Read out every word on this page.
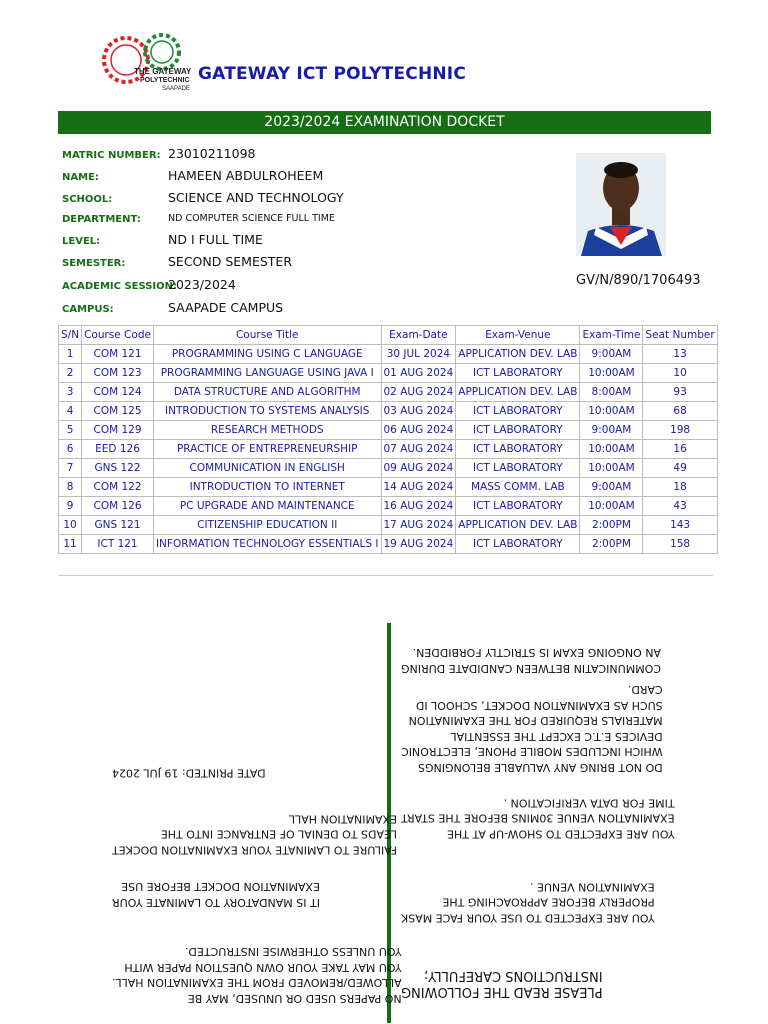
THE GATEWAY
POLYTECHNIC
SAAPADE
GATEWAY ICT POLYTECHNIC
2023/2024 EXAMINATION DOCKET
MATRIC NUMBER: 23010211098
NAME:	HAMEEN ABDULROHEEM
SCHOOL:	SCIENCE AND TECHNOLOGY
DEPARTMENT:	ND COMPUTER SCIENCE FULL TIME
LEVEL:	ND I FULL TIME
SEMESTER:	SECOND SEMESTER
ACADEMIC SESSION:
2023/2024
CAMPUS:	SAAPADE CAMPUS
GV/N/890/1706493
S/N	Course Code	Course Title	Exam-Date	Exam-Venue	Exam-Time	Seat Number
1	COM 121	PROGRAMMING USING C LANGUAGE	30 JUL 2024	APPLICATION DEV. LAB	9:00AM	13
2	COM 123	PROGRAMMING LANGUAGE USING JAVA I	01 AUG 2024	ICT LABORATORY	10:00AM	10
3	COM 124	DATA STRUCTURE AND ALGORITHM	02 AUG 2024	APPLICATION DEV. LAB	8:00AM	93
4	COM 125	INTRODUCTION TO SYSTEMS ANALYSIS	03 AUG 2024	ICT LABORATORY	10:00AM	68
5	COM 129	RESEARCH METHODS	06 AUG 2024	ICT LABORATORY	9:00AM	198
6	EED 126	PRACTICE OF ENTREPRENEURSHIP	07 AUG 2024	ICT LABORATORY	10:00AM	16
7	GNS 122	COMMUNICATION IN ENGLISH	09 AUG 2024	ICT LABORATORY	10:00AM	49
8	COM 122	INTRODUCTION TO INTERNET	14 AUG 2024	MASS COMM. LAB	9:00AM	18
9	COM 126	PC UPGRADE AND MAINTENANCE	16 AUG 2024	ICT LABORATORY	10:00AM	43
10	GNS 121	CITIZENSHIP EDUCATION II	17 AUG 2024	APPLICATION DEV. LAB	2:00PM	143
11	ICT 121	INFORMATION TECHNOLOGY ESSENTIALS I	19 AUG 2024	ICT LABORATORY	2:00PM	158
PLEASE READ THE FOLLOWING
INSTRUCTIONS CAREFULLY;
YOU ARE EXPECTED TO USE YOUR FACE MASK
PROPERLY BEFORE APPROACHING THE
EXAMINATION VENUE .
YOU ARE EXPECTED TO SHOW-UP AT THE
EXAMINATION VENUE 30MINS BEFORE THE START
TIME FOR DATA VERIFICATION .
DO NOT BRING ANY VALUABLE BELONGINGS
WHICH INCLUDES MOBILE PHONE, ELECTRONIC
DEVICES E.T.C EXCEPT THE ESSENTIAL
MATERIALS REQUIRED FOR THE EXAMINATION
SUCH AS EXAMINATION DOCKET, SCHOOL ID
CARD.
COMMUNICATIN BETWEEN CANDIDATE DURING
AN ONGOING EXAM IS STRICTLY FORBIDDEN.
NO PAPERS USED OR UNUSED, MAY BE
ALLOWED/REMOVED FROM THE EXAMINATION HALL.
YOU MAY TAKE YOUR OWN QUESTION PAPER WITH
YOU UNLESS OTHERWISE INSTRUCTED.
IT IS MANDATORY TO LAMINATE YOUR
EXAMINATION DOCKET BEFORE USE
FAILURE TO LAMINATE YOUR EXAMINATION DOCKET
LEADS TO DENIAL OF ENTRANCE INTO THE
EXAMINATION HALL
DATE PRINTED: 19 JUL 2024
